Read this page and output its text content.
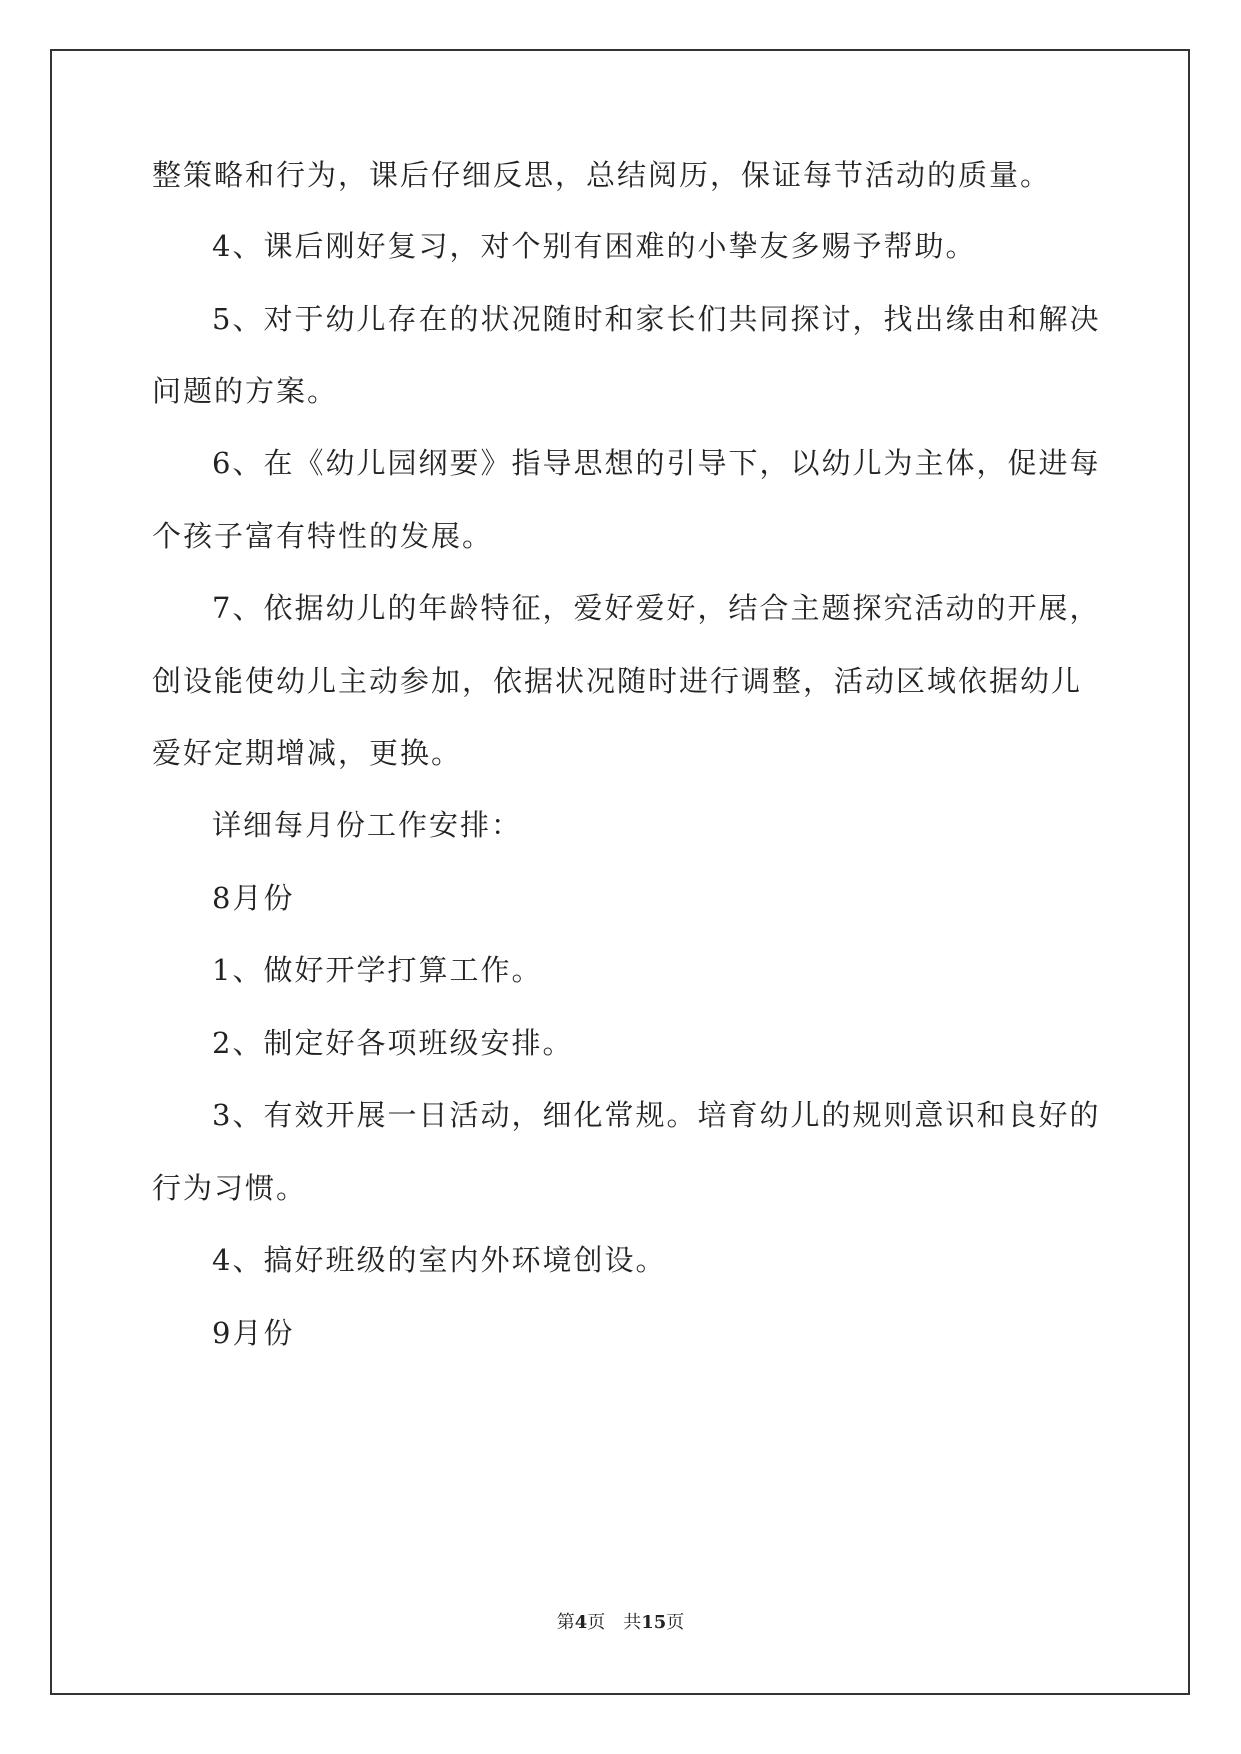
整策略和行为，课后仔细反思，总结阅历，保证每节活动的质量。
4、课后刚好复习，对个别有困难的小挚友多赐予帮助。
5、对于幼儿存在的状况随时和家长们共同探讨，找出缘由和解决
问题的方案。
6、在《幼儿园纲要》指导思想的引导下，以幼儿为主体，促进每
个孩子富有特性的发展。
7、依据幼儿的年龄特征，爱好爱好，结合主题探究活动的开展，
创设能使幼儿主动参加，依据状况随时进行调整，活动区域依据幼儿
爱好定期增减，更换。
详细每月份工作安排：
8月份
1、做好开学打算工作。
2、制定好各项班级安排。
3、有效开展一日活动，细化常规。培育幼儿的规则意识和良好的
行为习惯。
4、搞好班级的室内外环境创设。
9月份
第4页　共15页
